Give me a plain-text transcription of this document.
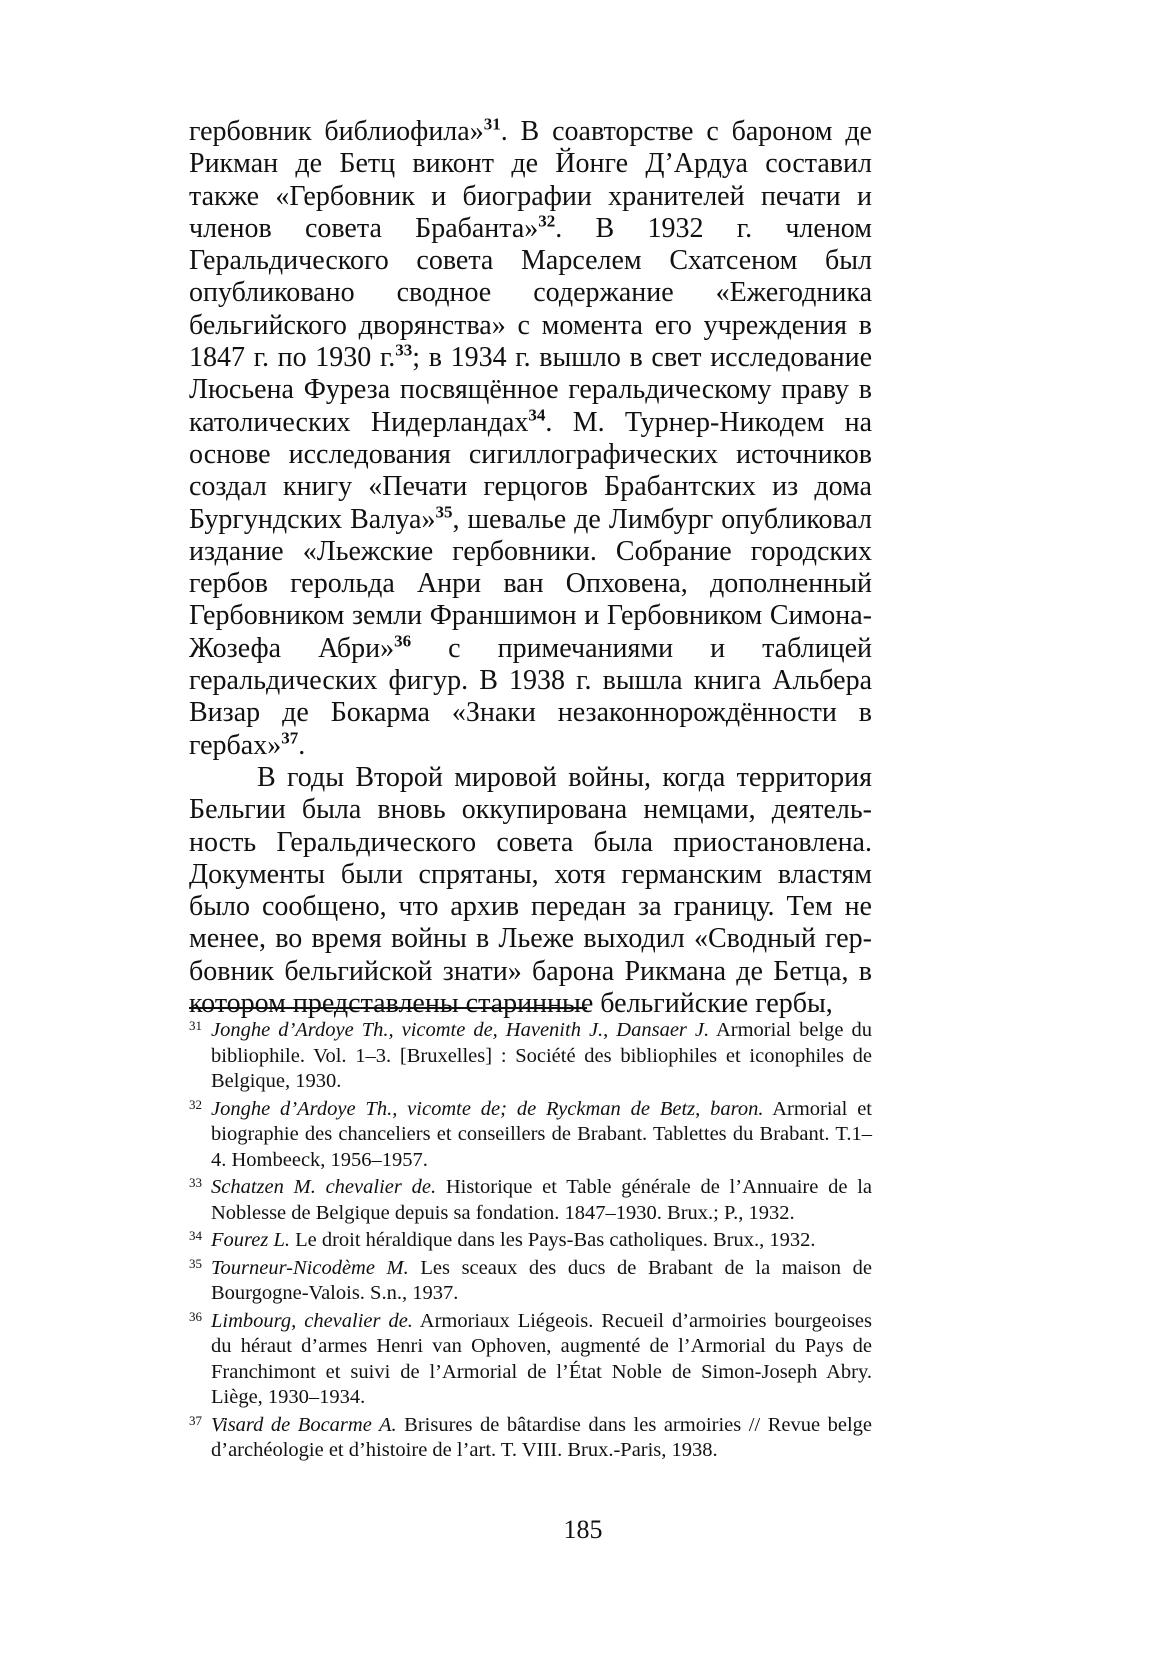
гербовник библиофила»$^{31}$. В соавторстве с бароном де Рикман де Бетц виконт де Йонге Д’Ардуа составил также «Гербовник и биографии хранителей печати и членов совета Брабанта»$^{32}$. В 1932 г. членом Геральдического совета Марселем Схатсеном был опубликовано сводное содержание «Ежегодника бельгийского дворянства» с момента его учреждения в 1847 г. по 1930 г.$^{33}$; в 1934 г. вышло в свет исследование Люсьена Фуреза посвящённое геральдическому праву в католических Нидерландах$^{34}$. М. Турнер-Никодем на основе исследования сигиллографических источников создал книгу «Печати герцогов Брабантских из дома Бургундских Валуа»$^{35}$, шевалье де Лимбург опубликовал издание «Льежские гербовники. Собрание городских гербов герольда Анри ван Опховена, дополненный Гербовником земли Франшимон и Гербовником Симона-Жозефа Абри»$^{36}$ с примечаниями и таблицей геральдических фигур. В 1938 г. вышла книга Альбера Визар де Бокарма «Знаки незаконнорождённости в гербах»$^{37}$.

В годы Второй мировой войны, когда территория Бельгии была вновь оккупирована немцами, деятельность Геральдического совета была приостановлена. Документы были спрятаны, хотя германским властям было сообщено, что архив передан за границу. Тем не менее, во время войны в Льеже выходил «Сводный гербовник бельгийской знати» барона Рикмана де Бетца, в котором представлены старинные бельгийские гербы,

31 Jonghe d’Ardoye Th., vicomte de, Havenith J., Dansaer J. Armorial belge du bibliophile. Vol. 1–3. [Bruxelles] : Société des bibliophiles et iconophiles de Belgique, 1930.
32 Jonghe d’Ardoye Th., vicomte de; de Ryckman de Betz, baron. Armorial et biographie des chanceliers et conseillers de Brabant. Tablettes du Brabant. T.1–4. Hombeeck, 1956–1957.
33 Schatzen M. chevalier de. Historique et Table générale de l’Annuaire de la Noblesse de Belgique depuis sa fondation. 1847–1930. Brux.; P., 1932.
34 Fourez L. Le droit héraldique dans les Pays-Bas catholiques. Brux., 1932.
35 Tourneur-Nicodème M. Les sceaux des ducs de Brabant de la maison de Bourgogne-Valois. S.n., 1937.
36 Limbourg, chevalier de. Armoriaux Liégeois. Recueil d’armoiries bourgeoises du héraut d’armes Henri van Ophoven, augmenté de l’Armorial du Pays de Franchimont et suivi de l’Armorial de l’État Noble de Simon-Joseph Abry. Liège, 1930–1934.
37 Visard de Bocarme A. Brisures de bâtardise dans les armoiries // Revue belge d’archéologie et d’histoire de l’art. T. VIII. Brux.-Paris, 1938.
185
